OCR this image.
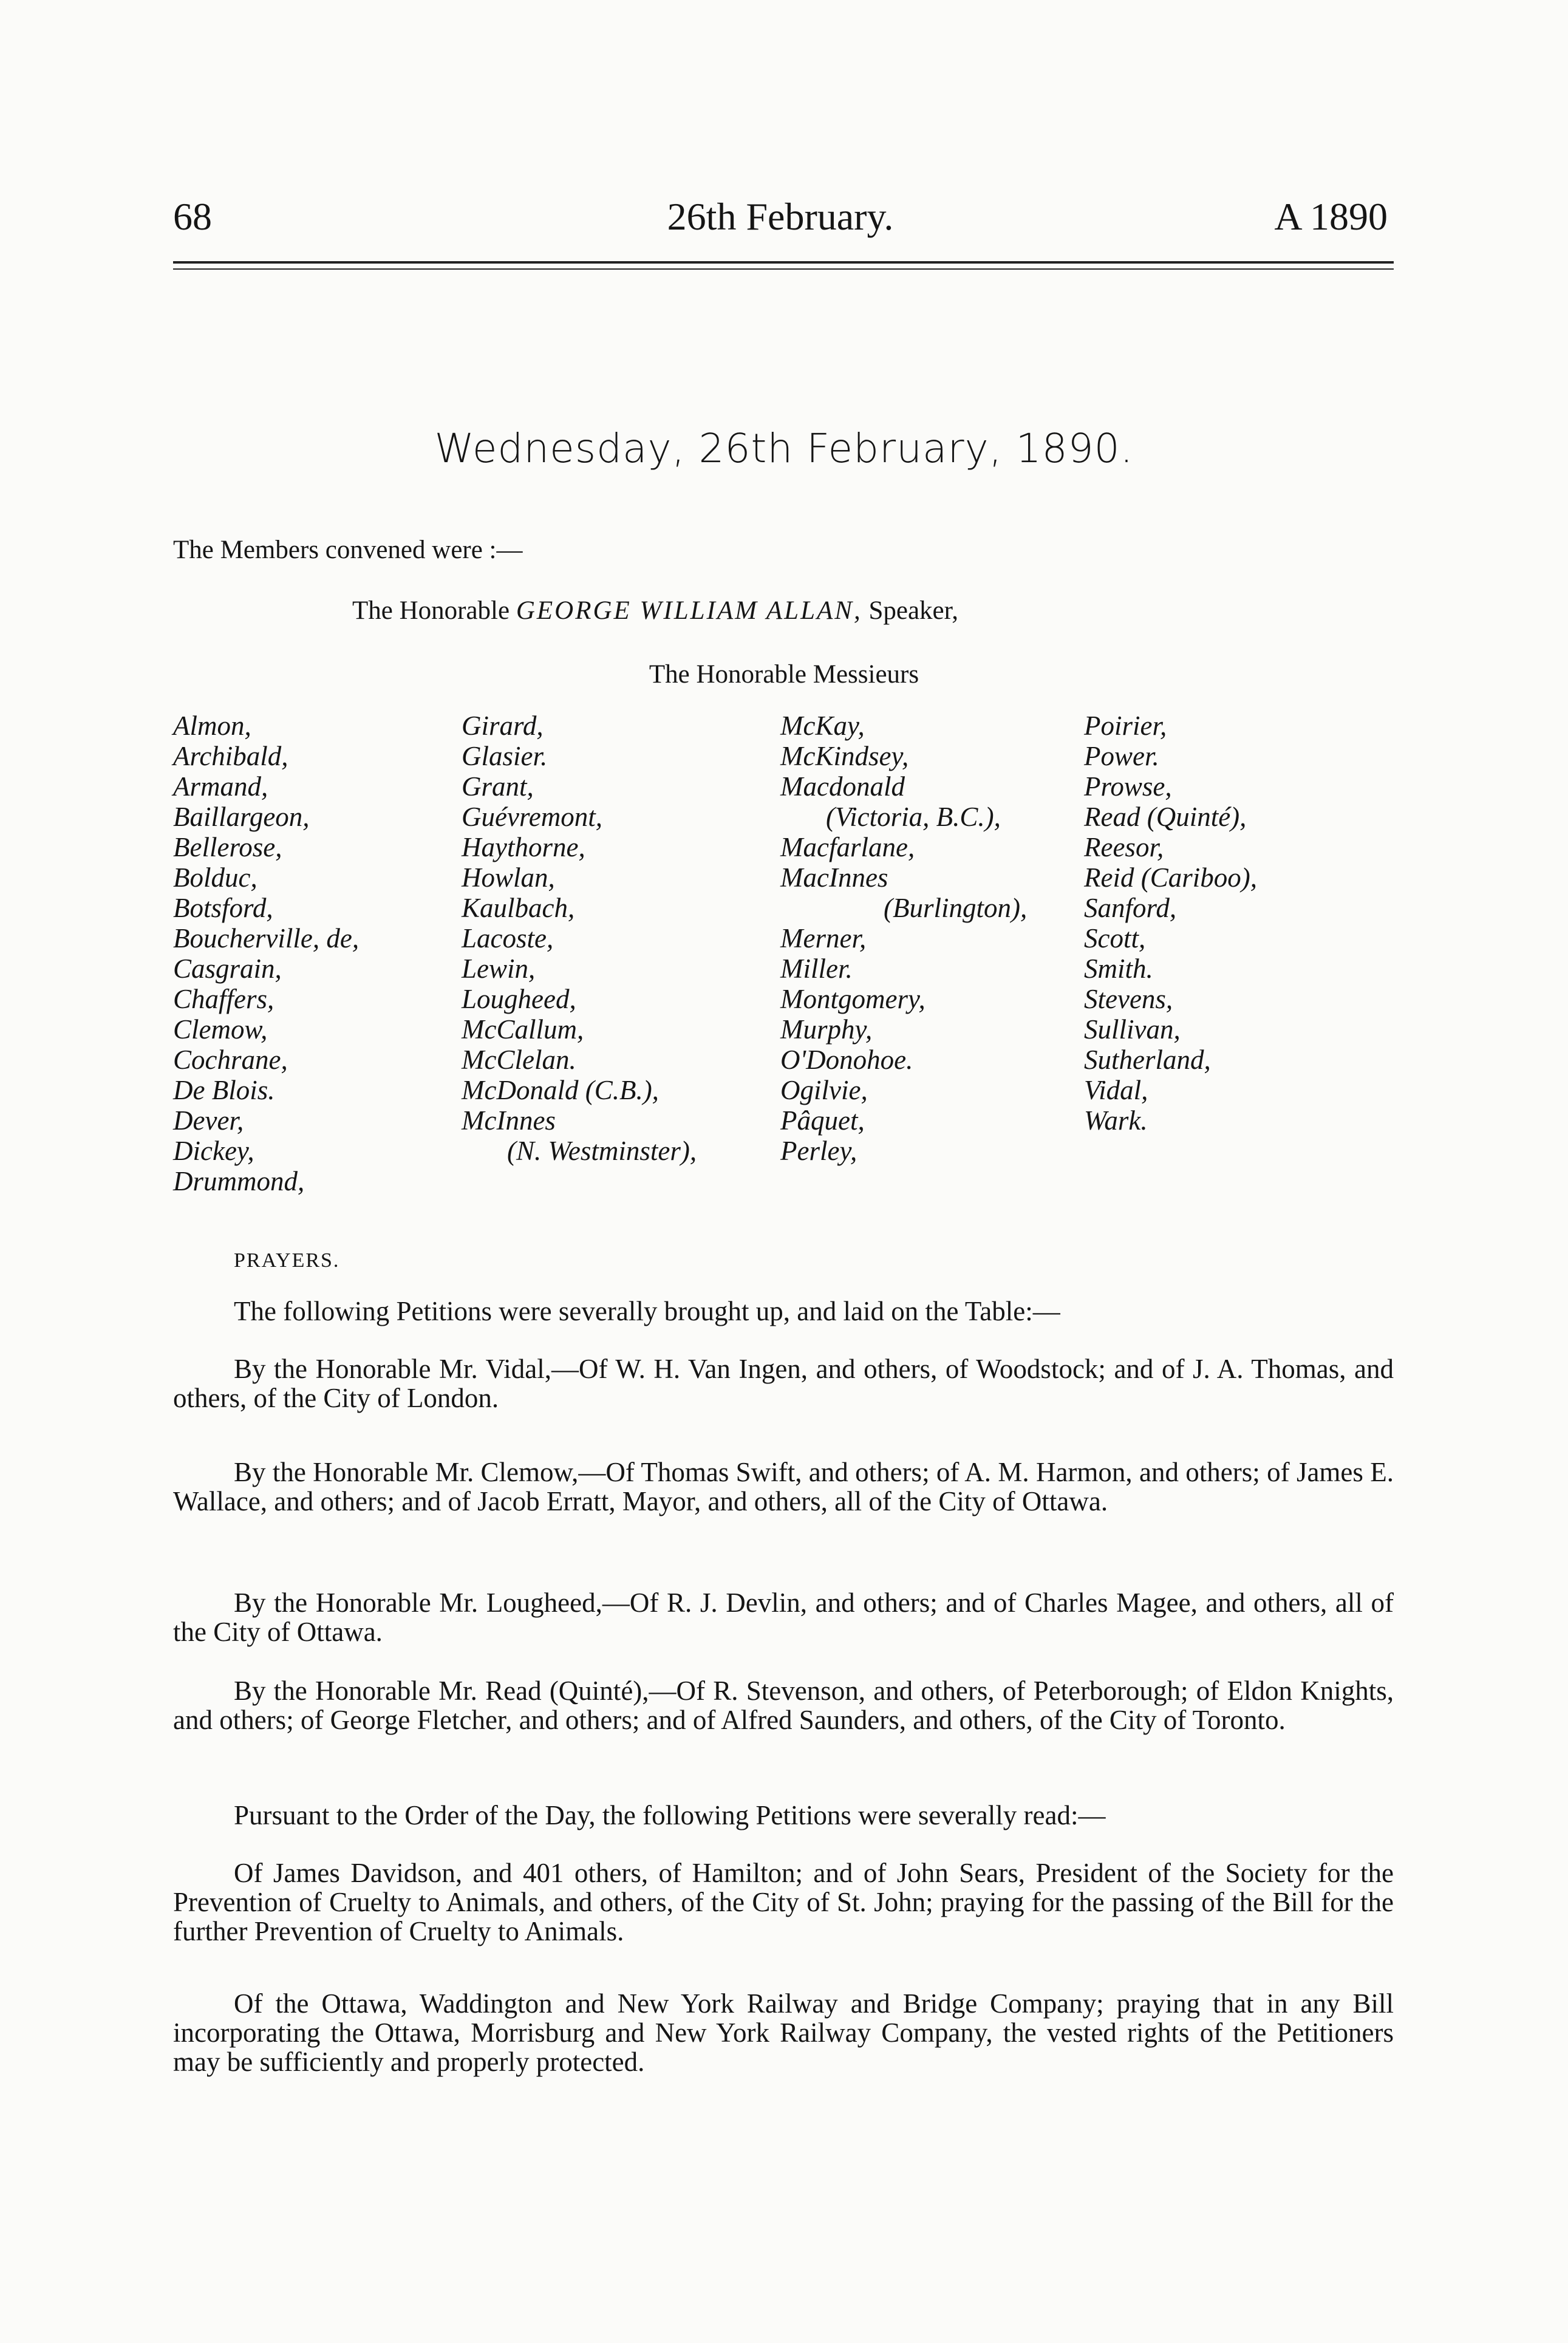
68	26th February.	A 1890
Wednesday, 26th February, 1890.
The Members convened were :—
The Honorable GEORGE WILLIAM ALLAN, Speaker,
The Honorable Messieurs
Almon,
Archibald,
Armand,
Baillargeon,
Bellerose,
Bolduc,
Botsford,
Boucherville, de,
Casgrain,
Chaffers,
Clemow,
Cochrane,
De Blois.
Dever,
Dickey,
Drummond,
Girard,
Glasier.
Grant,
Guévremont,
Haythorne,
Howlan,
Kaulbach,
Lacoste,
Lewin,
Lougheed,
McCallum,
McClelan.
McDonald (C.B.),
McInnes
(N. Westminster),
McKay,
McKindsey,
Macdonald
(Victoria, B.C.),
Macfarlane,
MacInnes
(Burlington),
Merner,
Miller.
Montgomery,
Murphy,
O'Donohoe.
Ogilvie,
Pâquet,
Perley,
Poirier,
Power.
Prowse,
Read (Quinté),
Reesor,
Reid (Cariboo),
Sanford,
Scott,
Smith.
Stevens,
Sullivan,
Sutherland,
Vidal,
Wark.
PRAYERS.
The following Petitions were severally brought up, and laid on the Table:—
By the Honorable Mr. Vidal,—Of W. H. Van Ingen, and others, of Woodstock; and of J. A. Thomas, and others, of the City of London.
By the Honorable Mr. Clemow,—Of Thomas Swift, and others; of A. M. Harmon, and others; of James E. Wallace, and others; and of Jacob Erratt, Mayor, and others, all of the City of Ottawa.
By the Honorable Mr. Lougheed,—Of R. J. Devlin, and others; and of Charles Magee, and others, all of the City of Ottawa.
By the Honorable Mr. Read (Quinté),—Of R. Stevenson, and others, of Peterborough; of Eldon Knights, and others; of George Fletcher, and others; and of Alfred Saunders, and others, of the City of Toronto.
Pursuant to the Order of the Day, the following Petitions were severally read:—
Of James Davidson, and 401 others, of Hamilton; and of John Sears, President of the Society for the Prevention of Cruelty to Animals, and others, of the City of St. John; praying for the passing of the Bill for the further Prevention of Cruelty to Animals.
Of the Ottawa, Waddington and New York Railway and Bridge Company; praying that in any Bill incorporating the Ottawa, Morrisburg and New York Railway Company, the vested rights of the Petitioners may be sufficiently and properly protected.
